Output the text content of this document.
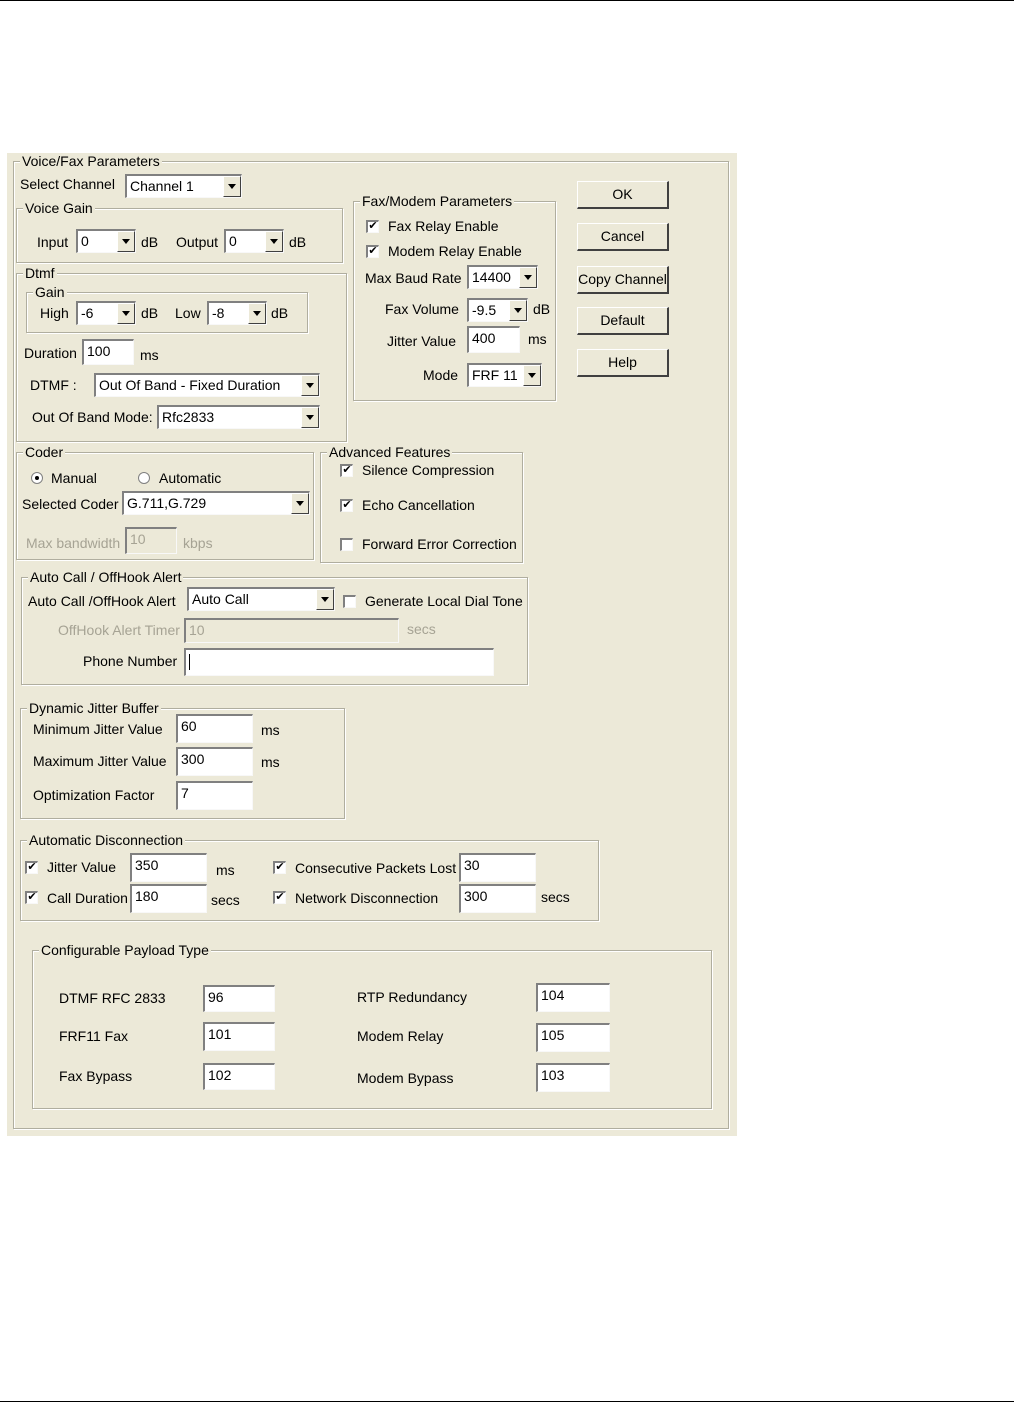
Voice/Fax Parameters
Select Channel Channel 1
Voice Gain
Input 0	dB Output 0	dB
Dtmf
Gain
High -6	dB Low -8	dB
Duration 100	ms
DTMF : Out Of Band - Fixed Duration
Out Of Band Mode: Rfc2833
Fax/Modem Parameters
✔ Fax Relay Enable
✔ Modem Relay Enable
Max Baud Rate 14400
Fax Volume -9.5	dB
Jitter Value	400	ms
Mode FRF 11
OK
Cancel
Copy Channel
Default
Help
Coder
Manual	Automatic
Selected Coder G.711,G.729
Max bandwidth 10	kbps
Advanced Features
✔ Silence Compression
✔ Echo Cancellation
Forward Error Correction
Auto Call / OffHook Alert
Auto Call /OffHook Alert Auto Call	Generate Local Dial Tone
OffHook Alert Timer 10	secs
Phone Number
Dynamic Jitter Buffer
Minimum Jitter Value	60	ms
Maximum Jitter Value	300	ms
Optimization Factor	7
Automatic Disconnection
✔ Jitter Value	350	ms	✔ Consecutive Packets Lost 30
✔ Call Duration 180	secs	✔ Network Disconnection	300	secs
Configurable Payload Type
DTMF RFC 2833	96
FRF11 Fax	101
Fax Bypass	102
RTP Redundancy	104
Modem Relay	105
Modem Bypass	103
